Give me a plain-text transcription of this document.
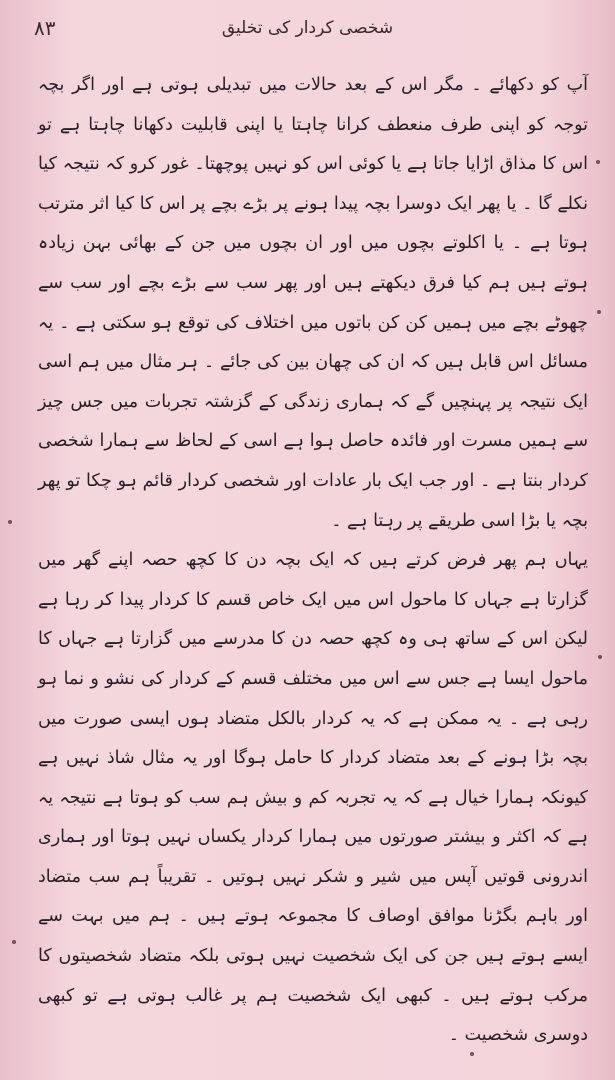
۸۳	شخصی کردار کی تخلیق

آپ کو دکھائے ۔ مگر اس کے بعد حالات میں تبدیلی ہوتی ہے اور اگر بچہ توجہ کو اپنی طرف منعطف کرانا چاہتا یا اپنی قابلیت دکھانا چاہتا ہے تو اس کا مذاق اڑایا جاتا ہے یا کوئی اس کو نہیں پوچھتا۔ غور کرو کہ نتیجہ کیا نکلے گا ۔ یا پھر ایک دوسرا بچہ پیدا ہونے پر بڑے بچے پر اس کا کیا اثر مترتب ہوتا ہے ۔ یا اکلوتے بچوں میں اور ان بچوں میں جن کے بھائی بہن زیادہ ہوتے ہیں ہم کیا فرق دیکھتے ہیں اور پھر سب سے بڑے بچے اور سب سے چھوٹے بچے میں ہمیں کن کن باتوں میں اختلاف کی توقع ہو سکتی ہے ۔ یہ مسائل اس قابل ہیں کہ ان کی چھان بین کی جائے ۔ ہر مثال میں ہم اسی ایک نتیجہ پر پہنچیں گے کہ ہماری زندگی کے گزشتہ تجربات میں جس چیز سے ہمیں مسرت اور فائدہ حاصل ہوا ہے اسی کے لحاظ سے ہمارا شخصی کردار بنتا ہے ۔ اور جب ایک بار عادات اور شخصی کردار قائم ہو چکا تو پھر بچہ یا بڑا اسی طریقے پر رہتا ہے ۔

یہاں ہم پھر فرض کرتے ہیں کہ ایک بچہ دن کا کچھ حصہ اپنے گھر میں گزارتا ہے جہاں کا ماحول اس میں ایک خاص قسم کا کردار پیدا کر رہا ہے لیکن اس کے ساتھ ہی وہ کچھ حصہ دن کا مدرسے میں گزارتا ہے جہاں کا ماحول ایسا ہے جس سے اس میں مختلف قسم کے کردار کی نشو و نما ہو رہی ہے ۔ یہ ممکن ہے کہ یہ کردار بالکل متضاد ہوں ایسی صورت میں بچہ بڑا ہونے کے بعد متضاد کردار کا حامل ہوگا اور یہ مثال شاذ نہیں ہے کیونکہ ہمارا خیال ہے کہ یہ تجربہ کم و بیش ہم سب کو ہوتا ہے نتیجہ یہ ہے کہ اکثر و بیشتر صورتوں میں ہمارا کردار یکساں نہیں ہوتا اور ہماری اندرونی قوتیں آپس میں شیر و شکر نہیں ہوتیں ۔ تقریباً ہم سب متضاد اور باہم بگڑنا موافق اوصاف کا مجموعہ ہوتے ہیں ۔ ہم میں بہت سے ایسے ہوتے ہیں جن کی ایک شخصیت نہیں ہوتی بلکہ متضاد شخصیتوں کا مرکب ہوتے ہیں ۔ کبھی ایک شخصیت ہم پر غالب ہوتی ہے تو کبھی دوسری شخصیت ۔
